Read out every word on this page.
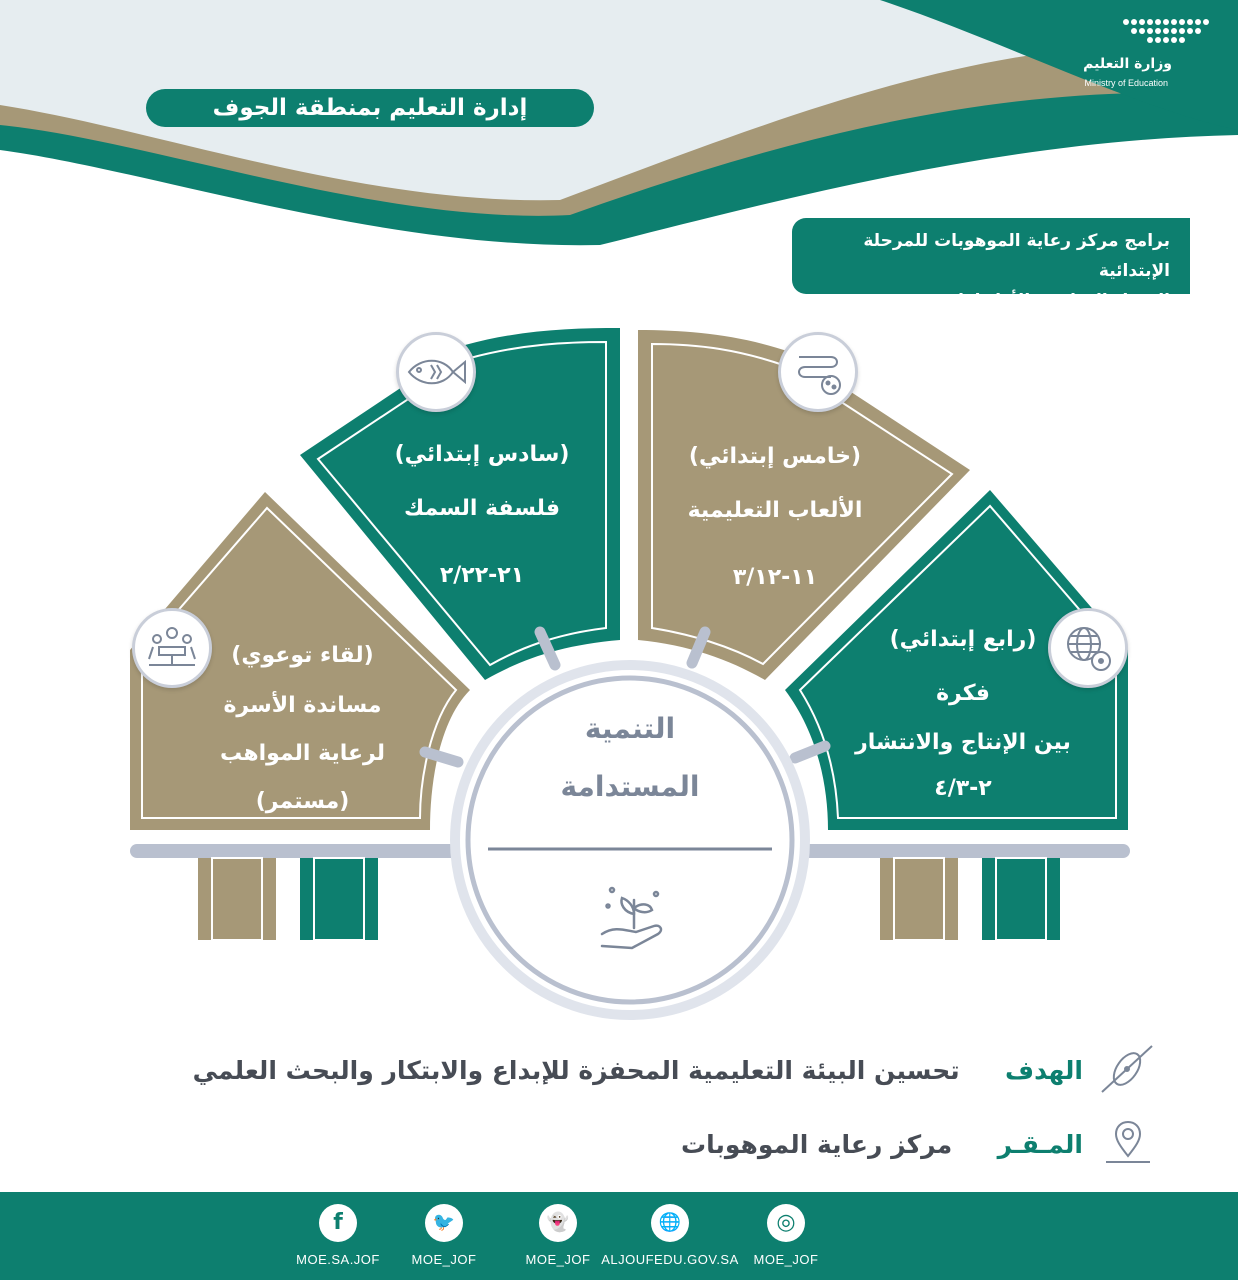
وزارة التعليم
Ministry of Education
إدارة التعليم بمنطقة الجوف
برامج مركز رعاية الموهوبات للمرحلة الإبتدائية
الفصل الدراسي الأول لعام ١٤٤٥هـ
(لقاء توعوي)
مساندة الأسرة
لرعاية المواهب
(مستمر)
(سادس إبتدائي)
فلسفة السمك
٢١-٢/٢٢
(خامس إبتدائي)
الألعاب التعليمية
١١-٣/١٢
(رابع إبتدائي)
فكرة
بين الإنتاج والانتشار
٢-٤/٣
التنمية
المستدامة
الهدف  تحسين البيئة التعليمية المحفزة للإبداع والابتكار والبحث العلمي
المـقـر  مركز رعاية الموهوبات
f
MOE.SA.JOF
🐦
MOE_JOF
👻
MOE_JOF
🌐
ALJOUFEDU.GOV.SA
◎
MOE_JOF
